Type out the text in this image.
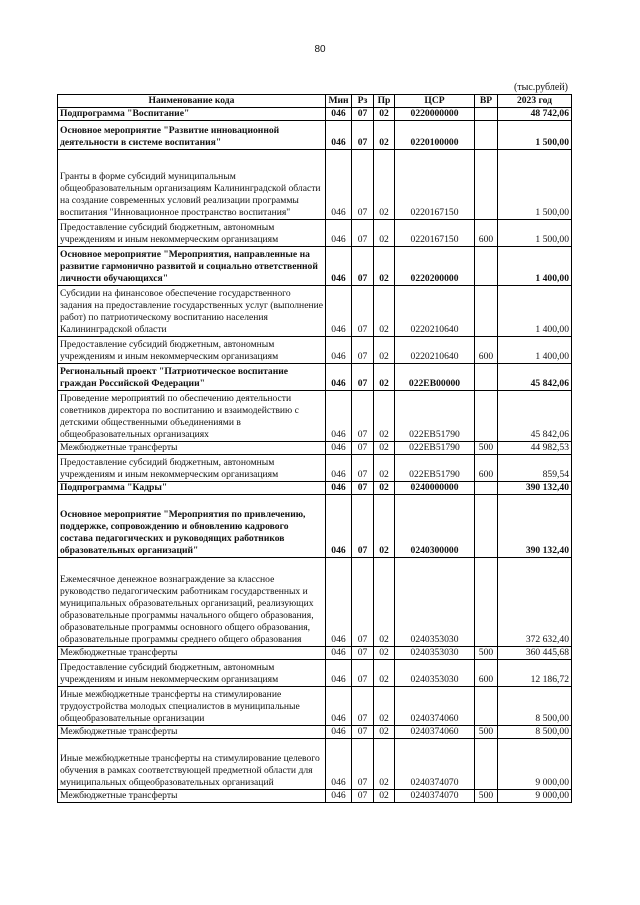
80
(тыс.рублей)
Наименование кода	Мин	Рз	Пр	ЦСР	ВР	2023 год
Подпрограмма "Воспитание"	046	07	02	0220000000		48 742,06
Основное мероприятие "Развитие инновационной деятельности в системе воспитания"	046	07	02	0220100000		1 500,00
Гранты в форме субсидий муниципальным общеобразовательным организациям Калининградской области на создание современных условий реализации программы воспитания "Инновационное пространство воспитания"	046	07	02	0220167150		1 500,00
Предоставление субсидий бюджетным, автономным учреждениям и иным некоммерческим организациям	046	07	02	0220167150	600	1 500,00
Основное мероприятие "Мероприятия, направленные на развитие гармонично развитой и социально ответственной личности обучающихся"	046	07	02	0220200000		1 400,00
Субсидии на финансовое обеспечение государственного задания на предоставление государственных услуг (выполнение работ) по патриотическому воспитанию населения Калининградской области	046	07	02	0220210640		1 400,00
Предоставление субсидий бюджетным, автономным учреждениям и иным некоммерческим организациям	046	07	02	0220210640	600	1 400,00
Региональный проект "Патриотическое воспитание граждан Российской Федерации"	046	07	02	022EB00000		45 842,06
Проведение мероприятий по обеспечению деятельности советников директора по воспитанию и взаимодействию с детскими общественными объединениями в общеобразовательных организациях	046	07	02	022EB51790		45 842,06
Межбюджетные трансферты	046	07	02	022EB51790	500	44 982,53
Предоставление субсидий бюджетным, автономным учреждениям и иным некоммерческим организациям	046	07	02	022EB51790	600	859,54
Подпрограмма "Кадры"	046	07	02	0240000000		390 132,40
Основное мероприятие "Мероприятия по привлечению, поддержке, сопровождению и обновлению кадрового состава педагогических и руководящих работников образовательных организаций"	046	07	02	0240300000		390 132,40
Ежемесячное денежное вознаграждение за классное руководство педагогическим работникам государственных и муниципальных образовательных организаций, реализующих образовательные программы начального общего образования, образовательные программы основного общего образования, образовательные программы среднего общего образования	046	07	02	0240353030		372 632,40
Межбюджетные трансферты	046	07	02	0240353030	500	360 445,68
Предоставление субсидий бюджетным, автономным учреждениям и иным некоммерческим организациям	046	07	02	0240353030	600	12 186,72
Иные межбюджетные трансферты на стимулирование трудоустройства молодых специалистов в муниципальные общеобразовательные организации	046	07	02	0240374060		8 500,00
Межбюджетные трансферты	046	07	02	0240374060	500	8 500,00
Иные межбюджетные трансферты на стимулирование целевого обучения в рамках соответствующей предметной области для муниципальных общеобразовательных организаций	046	07	02	0240374070		9 000,00
Межбюджетные трансферты	046	07	02	0240374070	500	9 000,00
